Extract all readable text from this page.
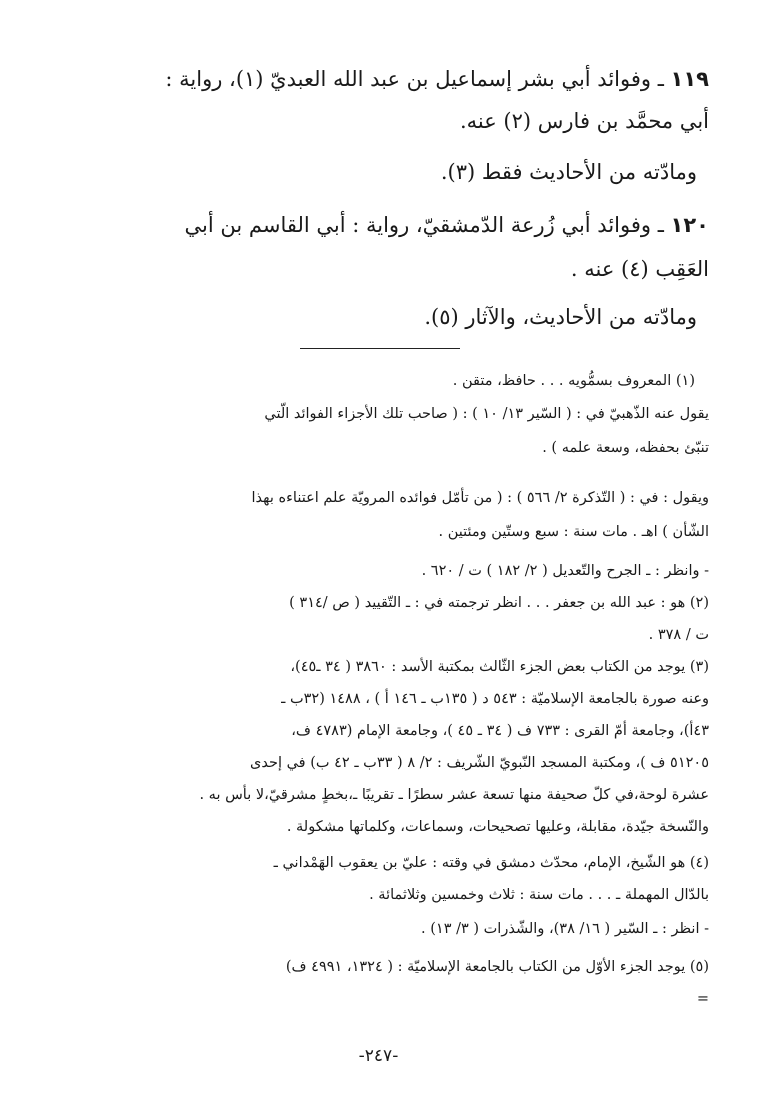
١١٩ ـ وفوائد أبي بشر إسماعيل بن عبد الله العبديّ (١)، رواية :
أبي محمَّد بن فارس (٢) عنه.
ومادّته من الأحاديث فقط (٣).
١٢٠ ـ وفوائد أبي زُرعة الدّمشقيّ، رواية : أبي القاسم بن أبي
العَقِب (٤) عنه .
ومادّته من الأحاديث، والآثار (٥).
(١) المعروف بسمُّويه . . . حافظ، متقن .
يقول عنه الذّهبيّ في : ( السّير ١٣/ ١٠ ) : ( صاحب تلك الأجزاء الفوائد الّتي
تنبّئ بحفظه، وسعة علمه ) .
ويقول : في : ( التّذكرة ٢/ ٥٦٦ ) : ( من تأمّل فوائده المرويّة علم اعتناءه بهذا
الشّأن ) اهـ . مات سنة : سبع وستّين ومئتين .
- وانظر : ـ الجرح والتّعديل ( ٢/ ١٨٢ ) ت / ٦٢٠ .
(٢) هو : عبد الله بن جعفر . . . انظر ترجمته في : ـ التّقييد ( ص /٣١٤ )
ت / ٣٧٨ .
(٣) يوجد من الكتاب بعض الجزء الثّالث بمكتبة الأسد : ٣٨٦٠ ( ٣٤ ـ٤٥)،
وعنه صورة بالجامعة الإسلاميّة : ٥٤٣ د ( ١٣٥ب ـ ١٤٦ أ ) ، ١٤٨٨ (٣٢ب ـ
٤٣أ)، وجامعة أمّ القرى : ٧٣٣ ف ( ٣٤ ـ ٤٥ )، وجامعة الإمام (٤٧٨٣ ف،
٥١٢٠٥ ف )، ومكتبة المسجد النّبويّ الشّريف : ٢/ ٨ ( ٣٣ب ـ ٤٢ ب) في إحدى
عشرة لوحة،في كلّ صحيفة منها تسعة عشر سطرًا ـ تقريبًا ـ،بخطٍ مشرقيّ،لا بأس به .
والنّسخة جيّدة، مقابلة، وعليها تصحيحات، وسماعات، وكلماتها مشكولة .
(٤) هو الشّيخ، الإمام، محدّث دمشق في وقته : عليّ بن يعقوب الهَمْداني ـ
بالدّال المهملة ـ . . . مات سنة : ثلاث وخمسين وثلاثمائة .
- انظر : ـ السّير ( ١٦/ ٣٨)، والشّذرات ( ٣/ ١٣) .
(٥) يوجد الجزء الأوّل من الكتاب بالجامعة الإسلاميّة : ( ١٣٢٤، ٤٩٩١ ف)
=
-٢٤٧-
